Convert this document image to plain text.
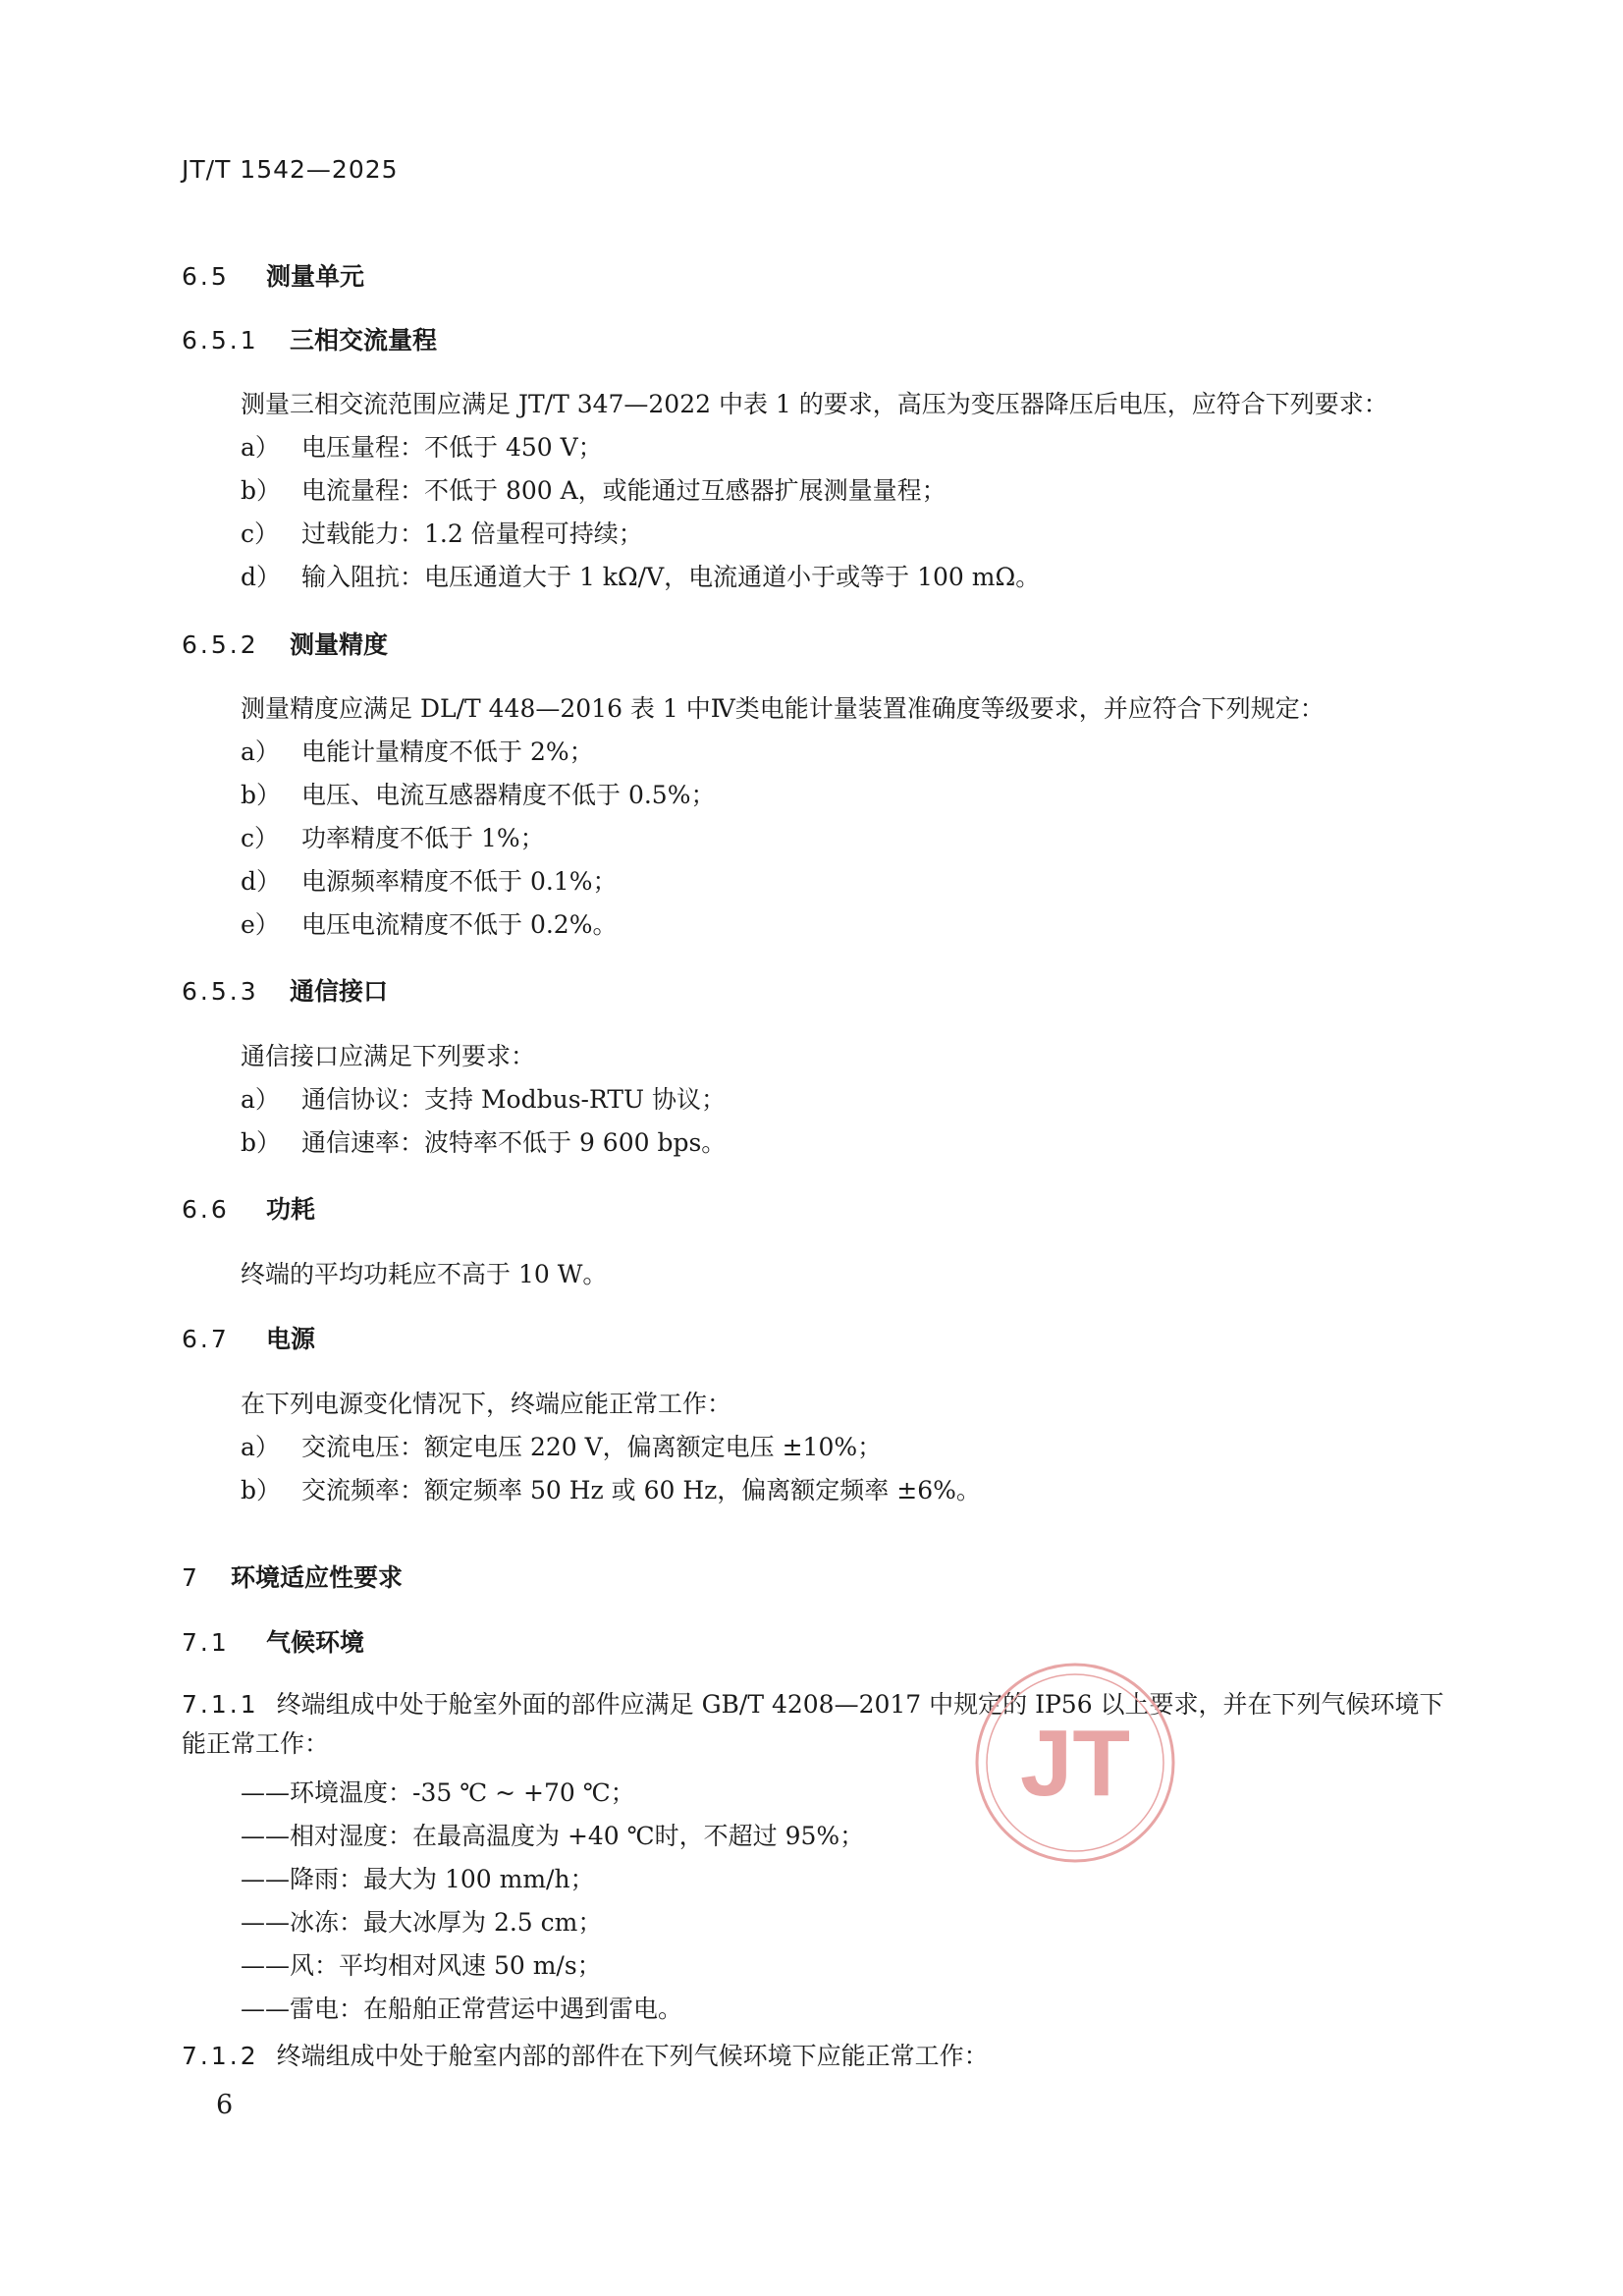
JT/T 1542—2025
6.5 测量单元
6.5.1 三相交流量程
测量三相交流范围应满足 JT/T 347—2022 中表 1 的要求，高压为变压器降压后电压，应符合下列要求：
a） 电压量程：不低于 450 V；
b） 电流量程：不低于 800 A，或能通过互感器扩展测量量程；
c） 过载能力：1.2 倍量程可持续；
d） 输入阻抗：电压通道大于 1 kΩ/V，电流通道小于或等于 100 mΩ。
6.5.2 测量精度
测量精度应满足 DL/T 448—2016 表 1 中Ⅳ类电能计量装置准确度等级要求，并应符合下列规定：
a） 电能计量精度不低于 2%；
b） 电压、电流互感器精度不低于 0.5%；
c） 功率精度不低于 1%；
d） 电源频率精度不低于 0.1%；
e） 电压电流精度不低于 0.2%。
6.5.3 通信接口
通信接口应满足下列要求：
a） 通信协议：支持 Modbus-RTU 协议；
b） 通信速率：波特率不低于 9 600 bps。
6.6 功耗
终端的平均功耗应不高于 10 W。
6.7 电源
在下列电源变化情况下，终端应能正常工作：
a） 交流电压：额定电压 220 V，偏离额定电压 ±10%；
b） 交流频率：额定频率 50 Hz 或 60 Hz，偏离额定频率 ±6%。
7 环境适应性要求
7.1 气候环境
7.1.1 终端组成中处于舱室外面的部件应满足 GB/T 4208—2017 中规定的 IP56 以上要求，并在下列气候环境下能正常工作：
——环境温度：-35 ℃ ~ +70 ℃；
——相对湿度：在最高温度为 +40 ℃时，不超过 95%；
——降雨：最大为 100 mm/h；
——冰冻：最大冰厚为 2.5 cm；
——风：平均相对风速 50 m/s；
——雷电：在船舶正常营运中遇到雷电。
7.1.2 终端组成中处于舱室内部的部件在下列气候环境下应能正常工作：
6
JT
